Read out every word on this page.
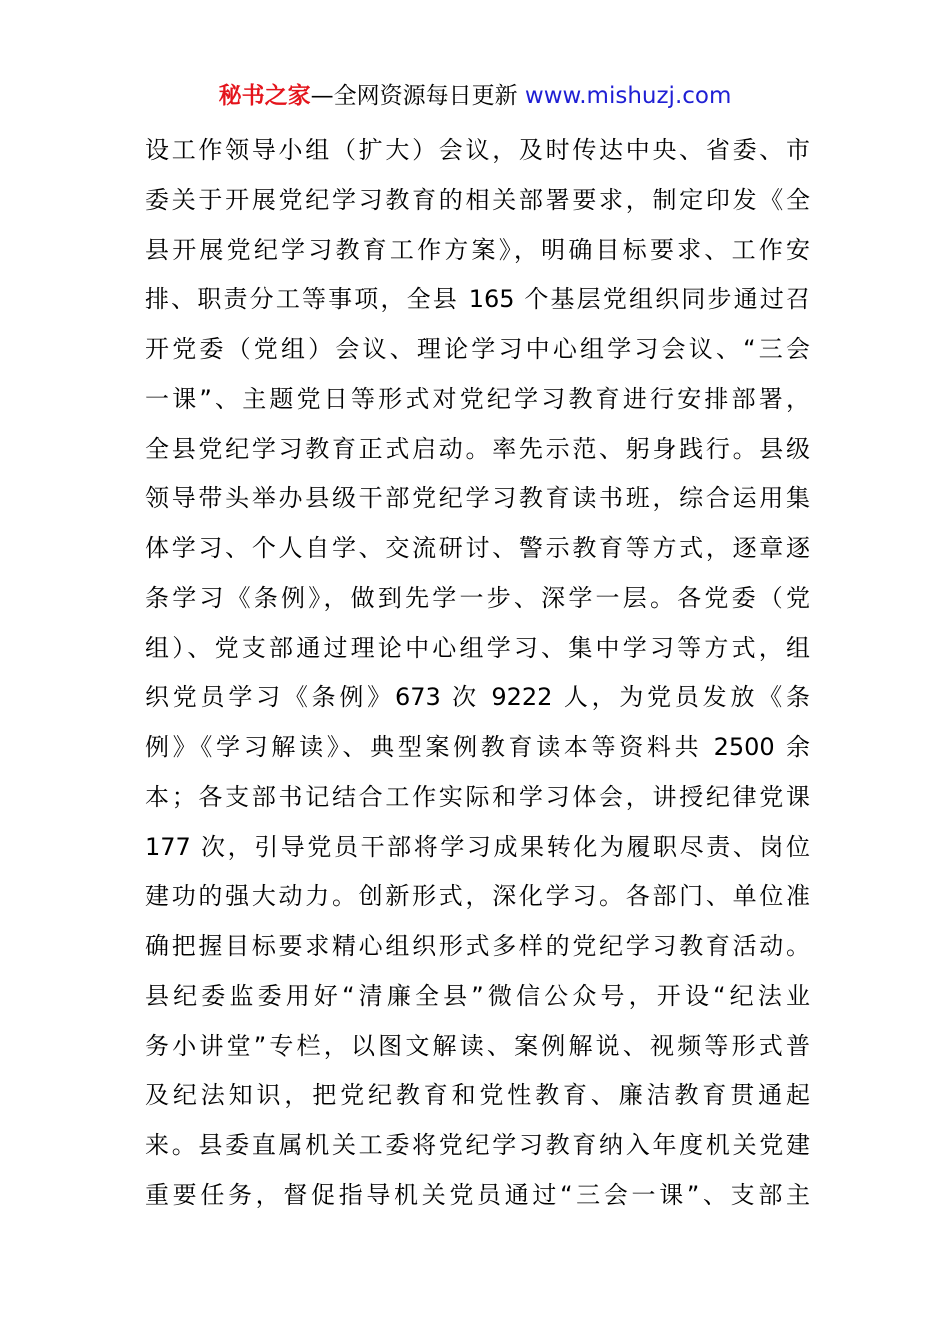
秘书之家—全网资源每日更新 www.mishuzj.com
设工作领导小组（扩大）会议，及时传达中央、省委、市
委关于开展党纪学习教育的相关部署要求，制定印发《全
县开展党纪学习教育工作方案》，明确目标要求、工作安
排、职责分工等事项，全县 165 个基层党组织同步通过召
开党委（党组）会议、理论学习中心组学习会议、“三会
一课”、主题党日等形式对党纪学习教育进行安排部署，
全县党纪学习教育正式启动。率先示范、躬身践行。县级
领导带头举办县级干部党纪学习教育读书班，综合运用集
体学习、个人自学、交流研讨、警示教育等方式，逐章逐
条学习《条例》，做到先学一步、深学一层。各党委（党
组）、党支部通过理论中心组学习、集中学习等方式，组
织党员学习《条例》673 次 9222 人，为党员发放《条
例》《学习解读》、典型案例教育读本等资料共 2500 余
本；各支部书记结合工作实际和学习体会，讲授纪律党课
177 次，引导党员干部将学习成果转化为履职尽责、岗位
建功的强大动力。创新形式，深化学习。各部门、单位准
确把握目标要求精心组织形式多样的党纪学习教育活动。
县纪委监委用好“清廉全县”微信公众号，开设“纪法业
务小讲堂”专栏，以图文解读、案例解说、视频等形式普
及纪法知识，把党纪教育和党性教育、廉洁教育贯通起
来。县委直属机关工委将党纪学习教育纳入年度机关党建
重要任务，督促指导机关党员通过“三会一课”、支部主
